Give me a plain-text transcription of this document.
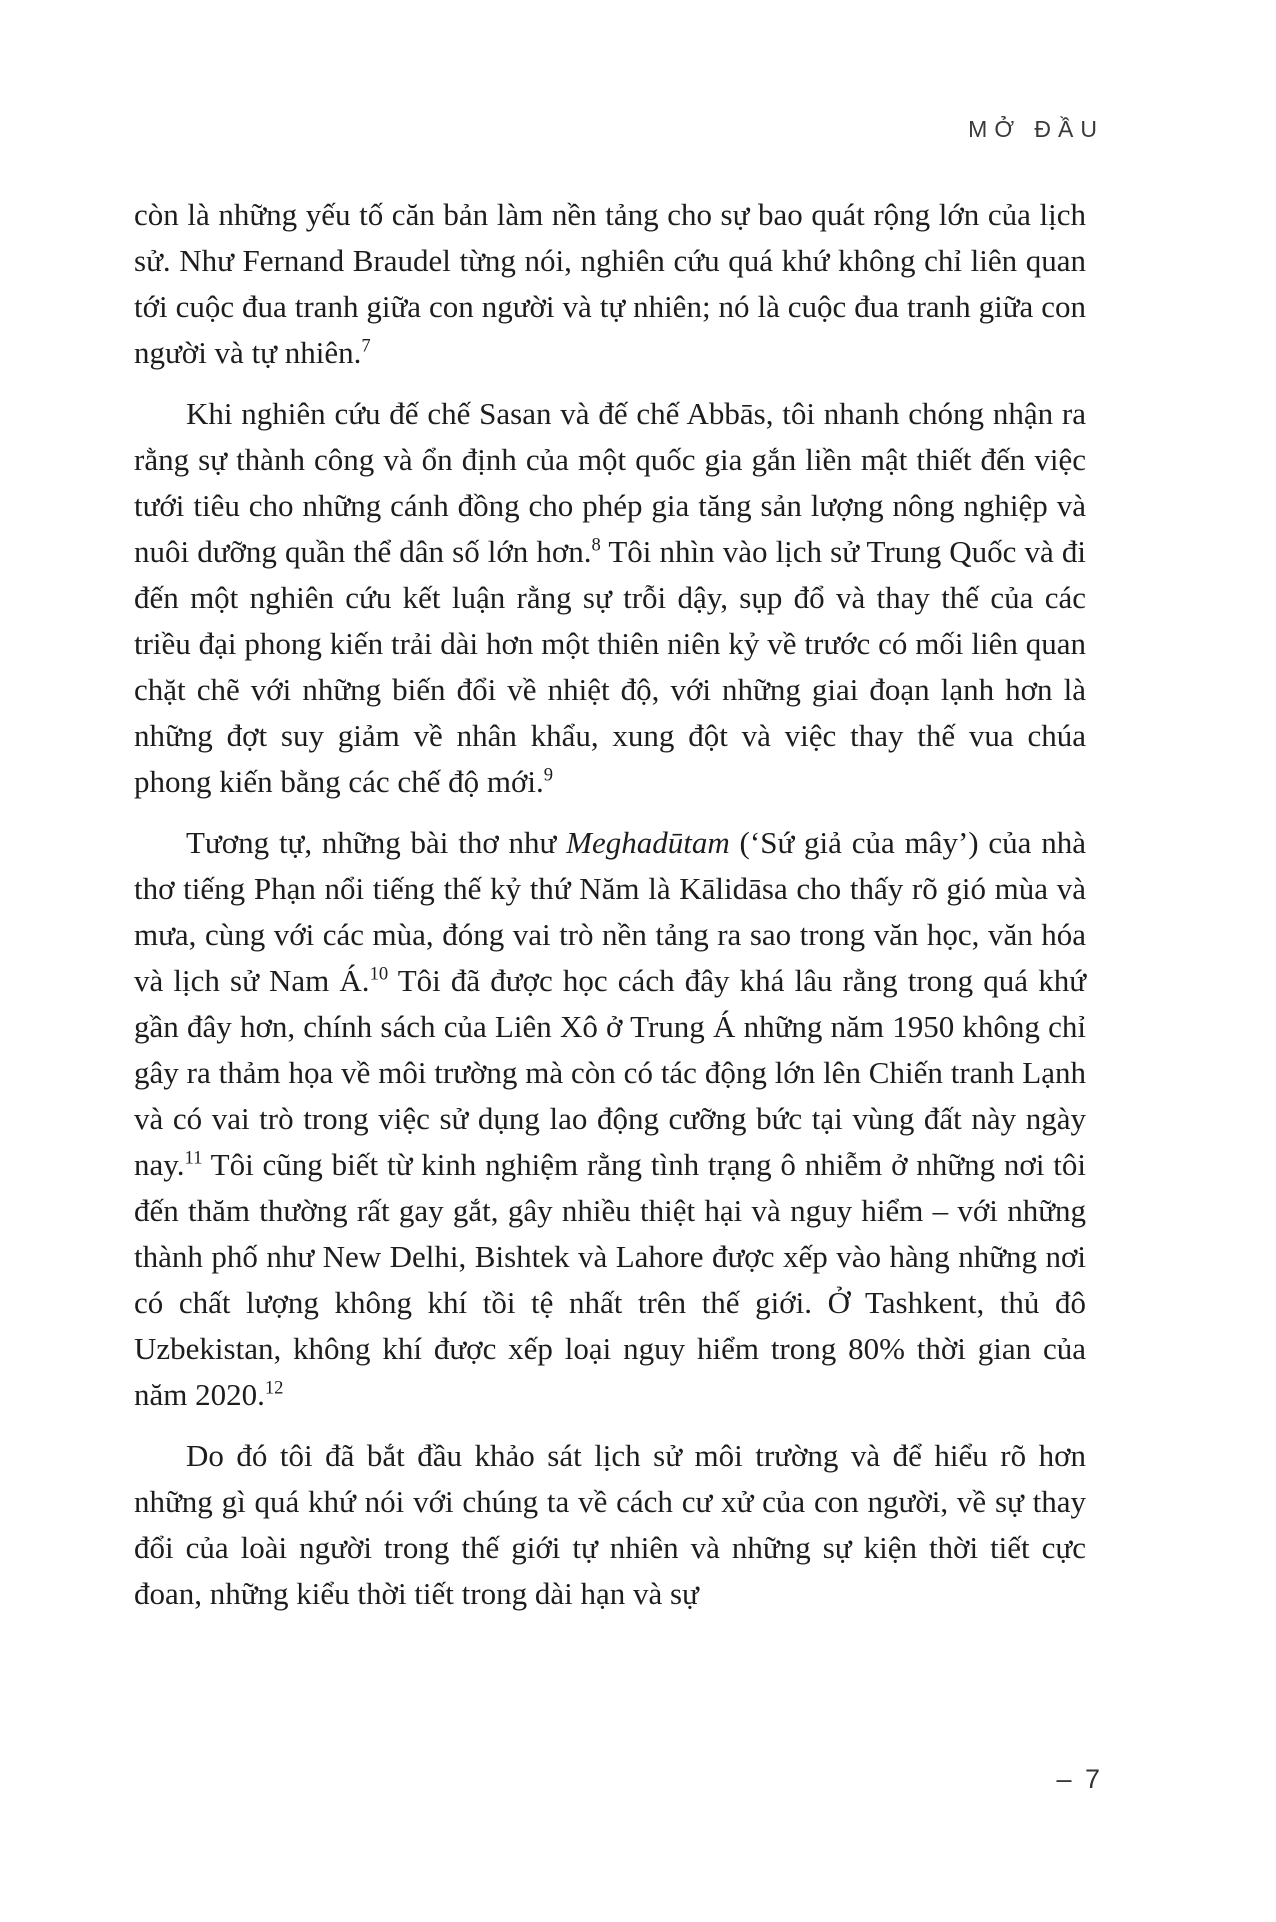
MỞ ĐẦU

còn là những yếu tố căn bản làm nền tảng cho sự bao quát rộng lớn của lịch sử. Như Fernand Braudel từng nói, nghiên cứu quá khứ không chỉ liên quan tới cuộc đua tranh giữa con người và tự nhiên; nó là cuộc đua tranh giữa con người và tự nhiên.$^7$

Khi nghiên cứu đế chế Sasan và đế chế Abbās, tôi nhanh chóng nhận ra rằng sự thành công và ổn định của một quốc gia gắn liền mật thiết đến việc tưới tiêu cho những cánh đồng cho phép gia tăng sản lượng nông nghiệp và nuôi dưỡng quần thể dân số lớn hơn.$^8$ Tôi nhìn vào lịch sử Trung Quốc và đi đến một nghiên cứu kết luận rằng sự trỗi dậy, sụp đổ và thay thế của các triều đại phong kiến trải dài hơn một thiên niên kỷ về trước có mối liên quan chặt chẽ với những biến đổi về nhiệt độ, với những giai đoạn lạnh hơn là những đợt suy giảm về nhân khẩu, xung đột và việc thay thế vua chúa phong kiến bằng các chế độ mới.$^9$

Tương tự, những bài thơ như Meghadūtam (‘Sứ giả của mây’) của nhà thơ tiếng Phạn nổi tiếng thế kỷ thứ Năm là Kālidāsa cho thấy rõ gió mùa và mưa, cùng với các mùa, đóng vai trò nền tảng ra sao trong văn học, văn hóa và lịch sử Nam Á.$^{10}$ Tôi đã được học cách đây khá lâu rằng trong quá khứ gần đây hơn, chính sách của Liên Xô ở Trung Á những năm 1950 không chỉ gây ra thảm họa về môi trường mà còn có tác động lớn lên Chiến tranh Lạnh và có vai trò trong việc sử dụng lao động cưỡng bức tại vùng đất này ngày nay.$^{11}$ Tôi cũng biết từ kinh nghiệm rằng tình trạng ô nhiễm ở những nơi tôi đến thăm thường rất gay gắt, gây nhiều thiệt hại và nguy hiểm – với những thành phố như New Delhi, Bishtek và Lahore được xếp vào hàng những nơi có chất lượng không khí tồi tệ nhất trên thế giới. Ở Tashkent, thủ đô Uzbekistan, không khí được xếp loại nguy hiểm trong 80% thời gian của năm 2020.12

Do đó tôi đã bắt đầu khảo sát lịch sử môi trường và để hiểu rõ hơn những gì quá khứ nói với chúng ta về cách cư xử của con người, về sự thay đổi của loài người trong thế giới tự nhiên và những sự kiện thời tiết cực đoan, những kiểu thời tiết trong dài hạn và sự

– 7
